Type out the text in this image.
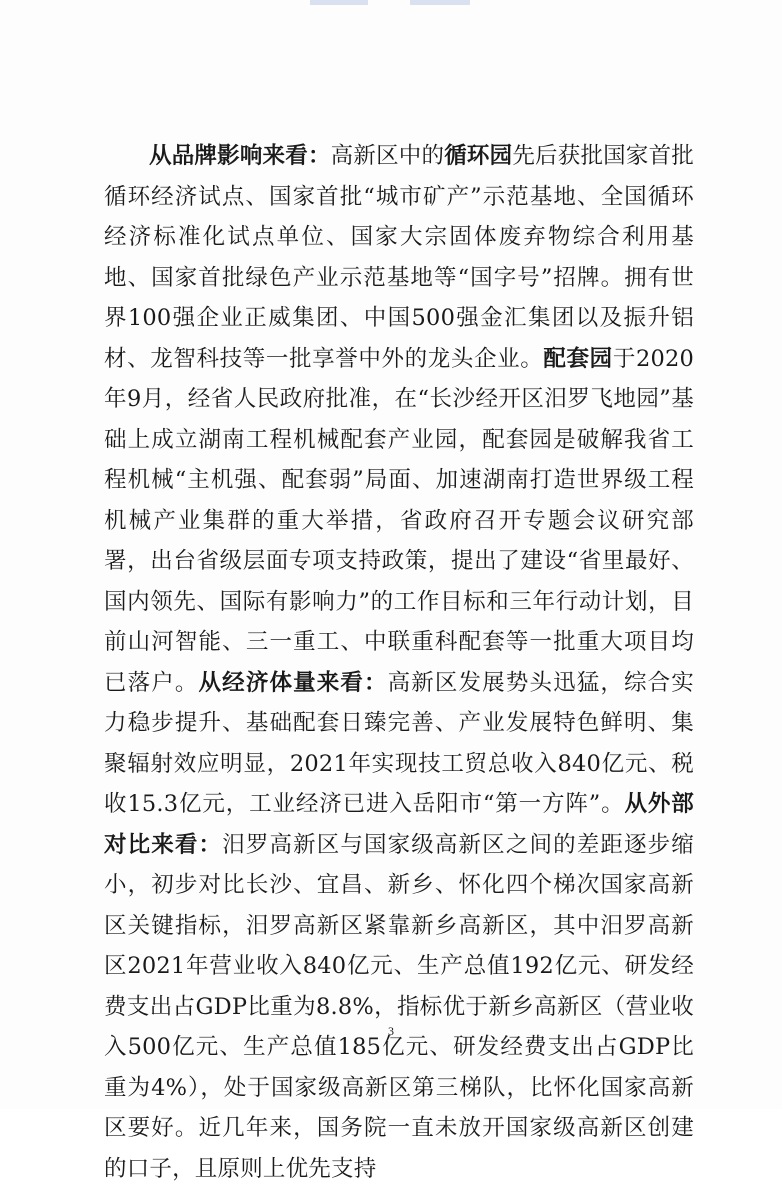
从品牌影响来看：高新区中的循环园先后获批国家首批循环经济试点、国家首批“城市矿产”示范基地、全国循环经济标准化试点单位、国家大宗固体废弃物综合利用基地、国家首批绿色产业示范基地等“国字号”招牌。拥有世界100强企业正威集团、中国500强金汇集团以及振升铝材、龙智科技等一批享誉中外的龙头企业。配套园于2020年9月，经省人民政府批准，在“长沙经开区汨罗飞地园”基础上成立湖南工程机械配套产业园，配套园是破解我省工程机械“主机强、配套弱”局面、加速湖南打造世界级工程机械产业集群的重大举措，省政府召开专题会议研究部署，出台省级层面专项支持政策，提出了建设“省里最好、国内领先、国际有影响力”的工作目标和三年行动计划，目前山河智能、三一重工、中联重科配套等一批重大项目均已落户。从经济体量来看：高新区发展势头迅猛，综合实力稳步提升、基础配套日臻完善、产业发展特色鲜明、集聚辐射效应明显，2021年实现技工贸总收入840亿元、税收15.3亿元，工业经济已进入岳阳市“第一方阵”。从外部对比来看：汨罗高新区与国家级高新区之间的差距逐步缩小，初步对比长沙、宜昌、新乡、怀化四个梯次国家高新区关键指标，汨罗高新区紧靠新乡高新区，其中汨罗高新区2021年营业收入840亿元、生产总值192亿元、研发经费支出占GDP比重为8.8%，指标优于新乡高新区（营业收入500亿元、生产总值185亿元、研发经费支出占GDP比重为4%），处于国家级高新区第三梯队，比怀化国家高新区要好。近几年来，国务院一直未放开国家级高新区创建的口子，且原则上优先支持

3
